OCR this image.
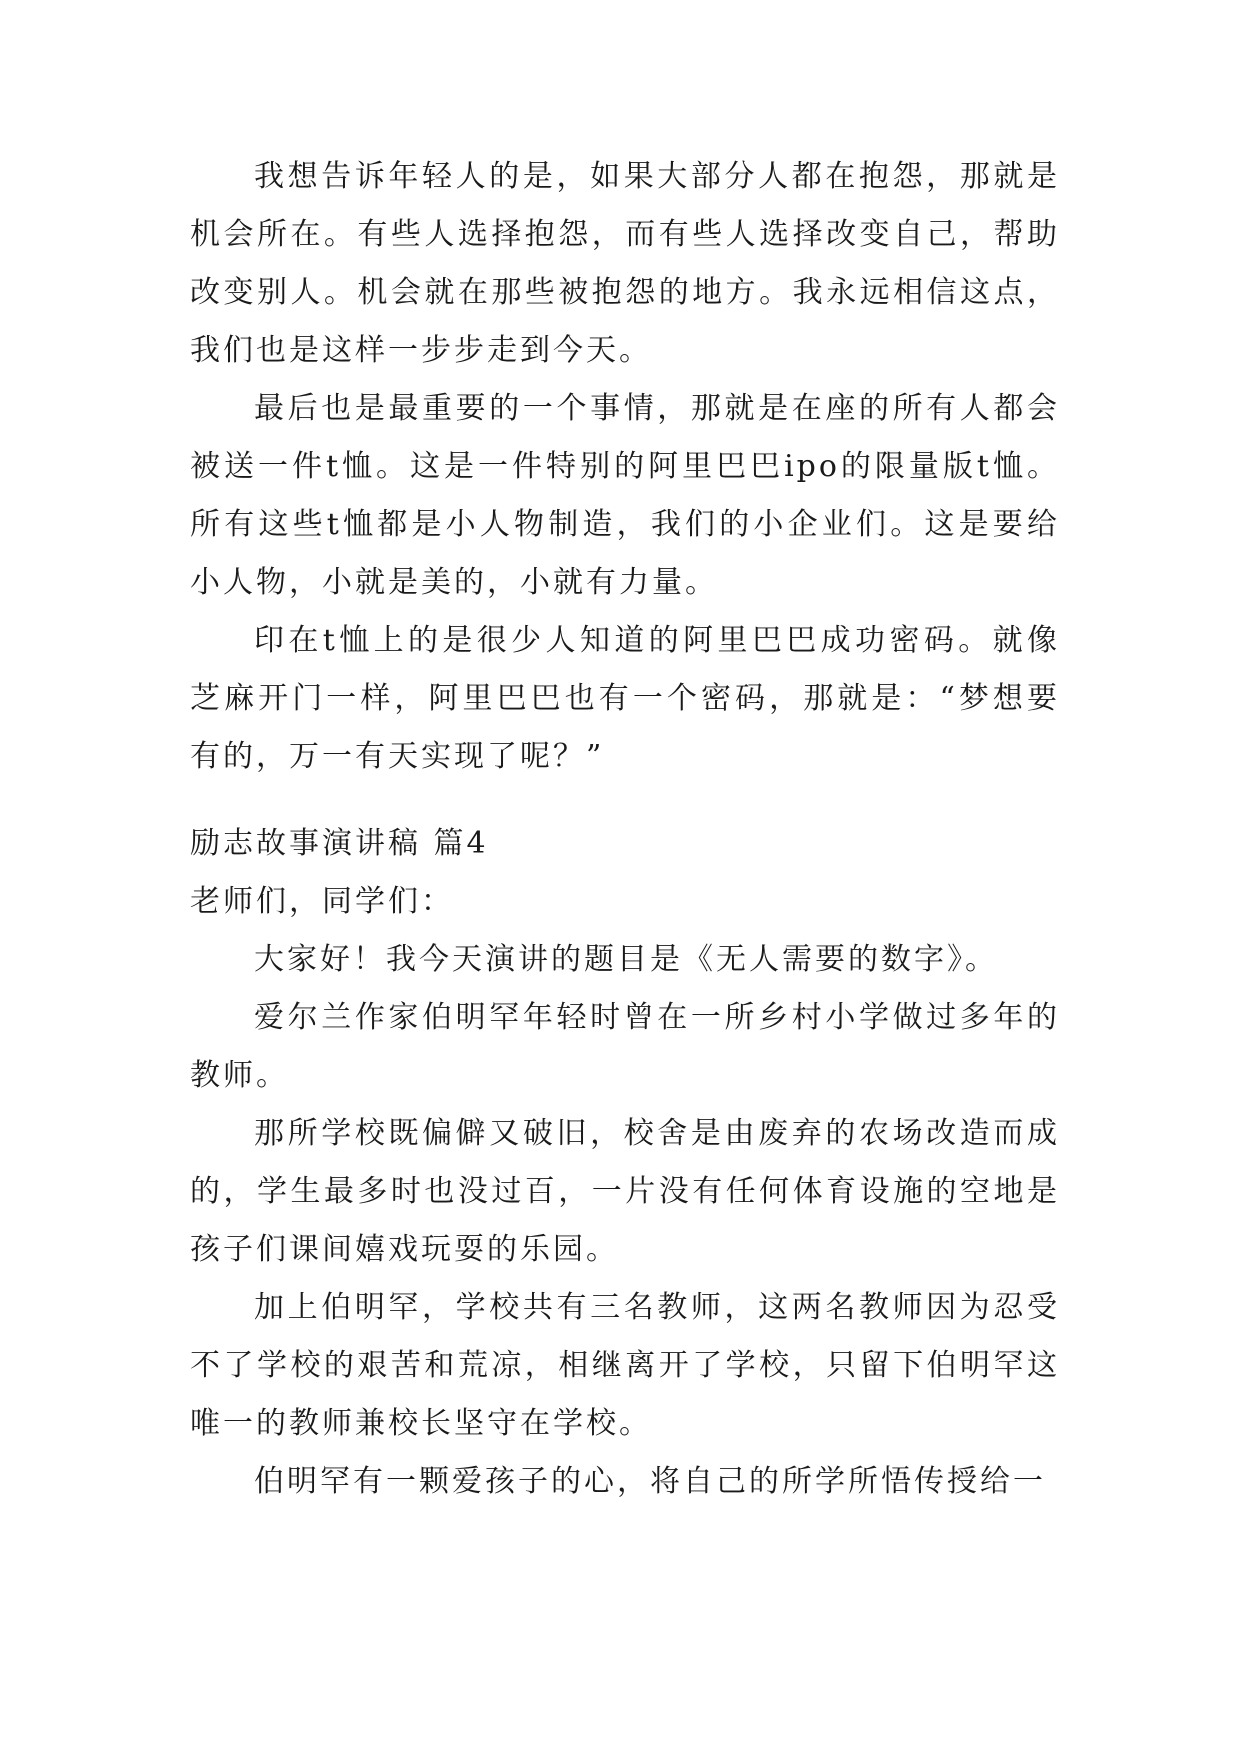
我想告诉年轻人的是，如果大部分人都在抱怨，那就是机会所在。有些人选择抱怨，而有些人选择改变自己，帮助改变别人。机会就在那些被抱怨的地方。我永远相信这点，我们也是这样一步步走到今天。

最后也是最重要的一个事情，那就是在座的所有人都会被送一件t恤。这是一件特别的阿里巴巴ipo的限量版t恤。所有这些t恤都是小人物制造，我们的小企业们。这是要给小人物，小就是美的，小就有力量。

印在t恤上的是很少人知道的阿里巴巴成功密码。就像芝麻开门一样，阿里巴巴也有一个密码，那就是：“梦想要有的，万一有天实现了呢？”

励志故事演讲稿 篇4

老师们，同学们：

大家好！我今天演讲的题目是《无人需要的数字》。

爱尔兰作家伯明罕年轻时曾在一所乡村小学做过多年的教师。

那所学校既偏僻又破旧，校舍是由废弃的农场改造而成的，学生最多时也没过百，一片没有任何体育设施的空地是孩子们课间嬉戏玩耍的乐园。

加上伯明罕，学校共有三名教师，这两名教师因为忍受不了学校的艰苦和荒凉，相继离开了学校，只留下伯明罕这唯一的教师兼校长坚守在学校。

伯明罕有一颗爱孩子的心，将自己的所学所悟传授给一
